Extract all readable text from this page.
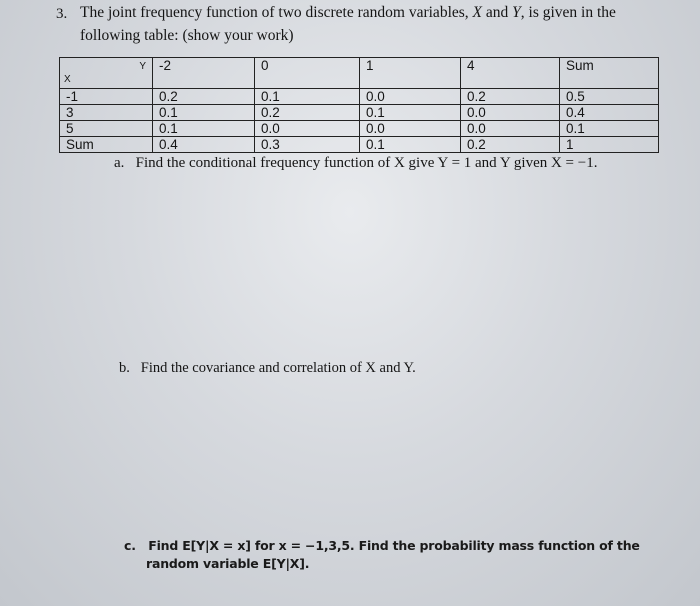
3. The joint frequency function of two discrete random variables, X and Y, is given in the
following table: (show your work)
Y
X	-2	0	1	4	Sum

-1	0.2	0.1	0.0	0.2	0.5
3	0.1	0.2	0.1	0.0	0.4
5	0.1	0.0	0.0	0.0	0.1
Sum	0.4	0.3	0.1	0.2	1
a. Find the conditional frequency function of X give Y = 1 and Y given X = −1.
b. Find the covariance and correlation of X and Y.
c. Find E[Y|X = x] for x = −1,3,5. Find the probability mass function of the
random variable E[Y|X].
